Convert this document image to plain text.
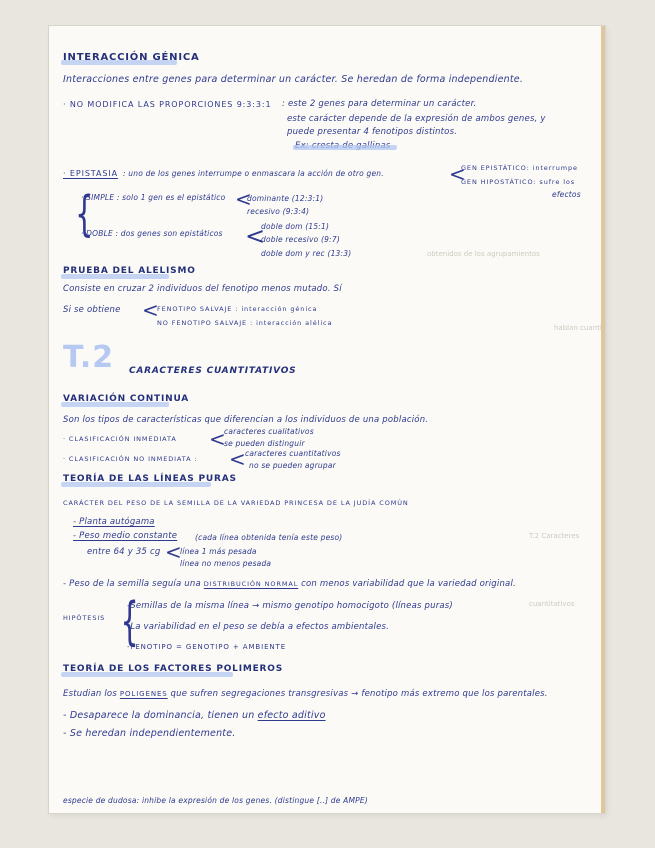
obtenidos de los agrupamientos
hablan cuanti
T.2 Caracteres
cuantitativos
INTERACCIÓN GÉNICA
Interacciones entre genes para determinar un carácter. Se heredan de forma independiente.
· NO MODIFICA LAS PROPORCIONES 9:3:3:1 : este 2 genes para determinar un carácter.
este carácter depende de la expresión de ambos genes, y
puede presentar 4 fenotipos distintos.
· EPISTASIA : uno de los genes interrumpe o enmascara la acción de otro gen.	<
GEN EPISTÁTICO: interrumpe
GEN HIPOSTÁTICO: sufre los
efectos
{
· SIMPLE : solo 1 gen es el epistático <
dominante (12:3:1)
recesivo (9:3:4)
· DOBLE : dos genes son epistáticos <
doble dom (15:1)
doble recesivo (9:7)
doble dom y rec (13:3)
PRUEBA DEL ALELISMO
Consiste en cruzar 2 individuos del fenotipo menos mutado. Sí
Si se obtiene <
FENOTIPO SALVAJE : interacción génica
NO FENOTIPO SALVAJE : interacción alélica
T.2 CARACTERES CUANTITATIVOS
VARIACIÓN CONTINUA
Son los tipos de características que diferencian a los individuos de una población.
· CLASIFICACIÓN INMEDIATA <
caracteres cualitativos
se pueden distinguir
· CLASIFICACIÓN NO INMEDIATA : < caracteres cuantitativos
no se pueden agrupar
TEORÍA DE LAS LÍNEAS PURAS
CARÁCTER DEL PESO DE LA SEMILLA DE LA VARIEDAD PRINCESA DE LA JUDÍA COMÚN
- Planta autógama
- Peso medio constante (cada línea obtenida tenía este peso)
entre 64 y 35 cg <
línea 1 más pesada
línea no menos pesada
- Peso de la semilla seguía una DISTRIBUCIÓN NORMAL con menos variabilidad que la variedad original.
HIPÓTESIS {
-Semillas de la misma línea → mismo genotipo homocigoto (líneas puras)
-La variabilidad en el peso se debía a efectos ambientales.
-FENOTIPO = GENOTIPO + AMBIENTE
TEORÍA DE LOS FACTORES POLIMEROS
Estudian los POLIGENES que sufren segregaciones transgresivas → fenotipo más extremo que los parentales.
- Desaparece la dominancia, tienen un efecto aditivo
- Se heredan independientemente.
especie de dudosa: inhibe la expresión de los genes. (distingue [..] de AMPE)
